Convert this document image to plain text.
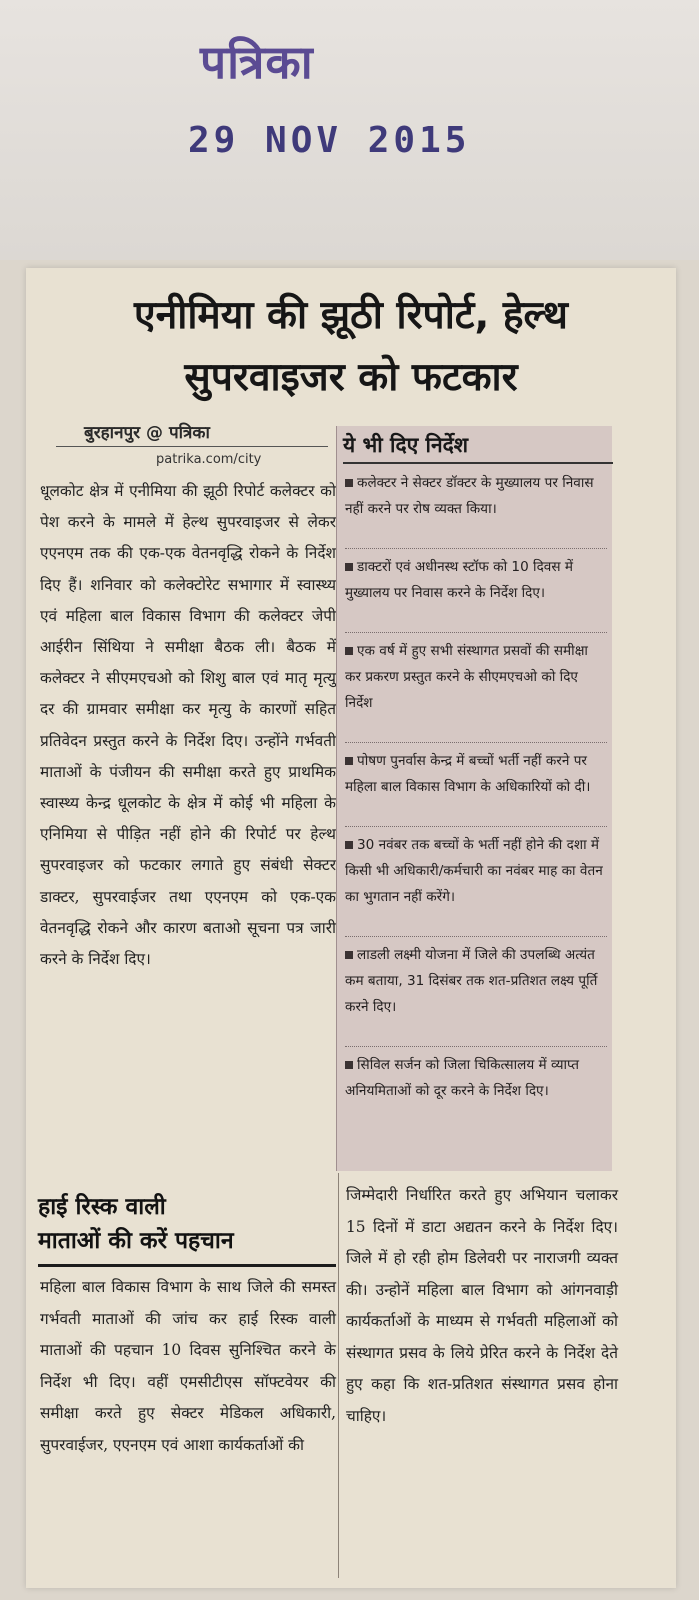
पत्रिका
29 NOV 2015
एनीमिया की झूठी रिपोर्ट, हेल्थ
सुपरवाइजर को फटकार
बुरहानपुर @ पत्रिका
patrika.com/city

धूलकोट क्षेत्र में एनीमिया की झूठी रिपोर्ट कलेक्टर को पेश करने के मामले में हेल्थ सुपरवाइजर से लेकर एएनएम तक की एक-एक वेतनवृद्धि रोकने के निर्देश दिए हैं। शनिवार को कलेक्टोरेट सभागार में स्वास्थ्य एवं महिला बाल विकास विभाग की कलेक्टर जेपी आईरीन सिंथिया ने समीक्षा बैठक ली। बैठक में कलेक्टर ने सीएमएचओ को शिशु बाल एवं मातृ मृत्यु दर की ग्रामवार समीक्षा कर मृत्यु के कारणों सहित प्रतिवेदन प्रस्तुत करने के निर्देश दिए। उन्होंने गर्भवती माताओं के पंजीयन की समीक्षा करते हुए प्राथमिक स्वास्थ्य केन्द्र धूलकोट के क्षेत्र में कोई भी महिला के एनिमिया से पीड़ित नहीं होने की रिपोर्ट पर हेल्थ सुपरवाइजर को फटकार लगाते हुए संबंधी सेक्टर डाक्टर, सुपरवाईजर तथा एएनएम को एक-एक वेतनवृद्धि रोकने और कारण बताओ सूचना पत्र जारी करने के निर्देश दिए।

हाई रिस्क वाली
माताओं की करें पहचान

महिला बाल विकास विभाग के साथ जिले की समस्त गर्भवती माताओं की जांच कर हाई रिस्क वाली माताओं की पहचान 10 दिवस सुनिश्चित करने के निर्देश भी दिए। वहीं एमसीटीएस सॉफ्टवेयर की समीक्षा करते हुए सेक्टर मेडिकल अधिकारी, सुपरवाईजर, एएनएम एवं आशा कार्यकर्ताओं की

ये भी दिए निर्देश
कलेक्टर ने सेक्टर डॉक्टर के मुख्यालय पर निवास नहीं करने पर रोष व्यक्त किया।
डाक्टरों एवं अधीनस्थ स्टॉफ को 10 दिवस में मुख्यालय पर निवास करने के निर्देश दिए।
एक वर्ष में हुए सभी संस्थागत प्रसवों की समीक्षा कर प्रकरण प्रस्तुत करने के सीएमएचओ को दिए निर्देश
पोषण पुनर्वास केन्द्र में बच्चों भर्ती नहीं करने पर महिला बाल विकास विभाग के अधिकारियों को दी।
30 नवंबर तक बच्चों के भर्ती नहीं होने की दशा में किसी भी अधिकारी/कर्मचारी का नवंबर माह का वेतन का भुगतान नहीं करेंगे।
लाडली लक्ष्मी योजना में जिले की उपलब्धि अत्यंत कम बताया, 31 दिसंबर तक शत-प्रतिशत लक्ष्य पूर्ति करने दिए।
सिविल सर्जन को जिला चिकित्सालय में व्याप्त अनियमिताओं को दूर करने के निर्देश दिए।

जिम्मेदारी निर्धारित करते हुए अभियान चलाकर 15 दिनों में डाटा अद्यतन करने के निर्देश दिए। जिले में हो रही होम डिलेवरी पर नाराजगी व्यक्त की। उन्होनें महिला बाल विभाग को आंगनवाड़ी कार्यकर्ताओं के माध्यम से गर्भवती महिलाओं को संस्थागत प्रसव के लिये प्रेरित करने के निर्देश देते हुए कहा कि शत-प्रतिशत संस्थागत प्रसव होना चाहिए।
